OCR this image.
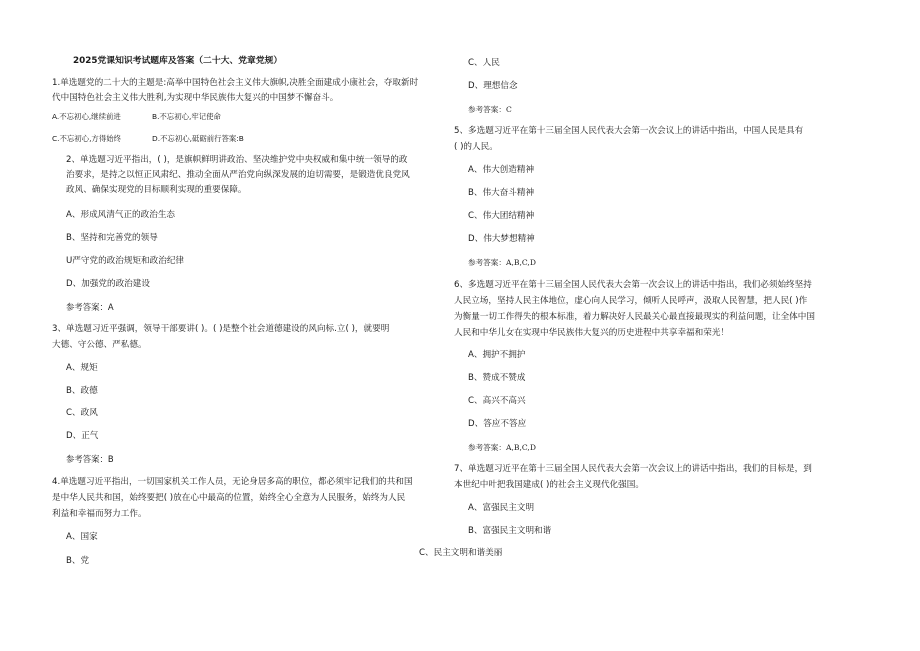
2025党课知识考试题库及答案（二十大、党章党规）
1.单选题党的二十大的主题是:高举中国特色社会主义伟大旗帜,决胜全面建成小康社会，夺取新时
代中国特色社会主义伟大胜利,为实现中华民族伟大复兴的中国梦不懈奋斗。
A.不忘初心,继续前进	B.不忘初心,牢记使命
C.不忘初心,方得始终	D.不忘初心,砥砺前行答案:B
2、单选题习近平指出，( )，是旗帜鲜明讲政治、坚决维护党中央权威和集中统一领导的政
治要求，是持之以恒正风肃纪、推动全面从严治党向纵深发展的迫切需要，是锻造优良党风
政风、确保实现党的目标顺利实现的重要保障。
A、形成风清气正的政治生态
B、坚持和完善党的领导
U严守党的政治规矩和政治纪律
D、加强党的政治建设
参考答案：A
3、单选题习近平强调，领导干部要讲( )。( )是整个社会道德建设的风向标.立( )，就要明
大德、守公德、严私德。
A、规矩
B、政德
C、政风
D、正气
参考答案：B
4.单选题习近平指出，一切国家机关工作人员，无论身居多高的职位，都必须牢记我们的共和国
是中华人民共和国，始终要把( )放在心中最高的位置，始终全心全意为人民服务，始终为人民
利益和幸福而努力工作。
A、国家
B、党
C、人民
D、理想信念
参考答案：C
5、多选题习近平在第十三届全国人民代表大会第一次会议上的讲话中指出，中国人民是具有
( )的人民。
A、伟大创造精神
B、伟大奋斗精神
C、伟大团结精神
D、伟大梦想精神
参考答案：A,B,C,D
6、多选题习近平在第十三届全国人民代表大会第一次会议上的讲话中指出，我们必须始终坚持
人民立场，坚持人民主体地位，虚心向人民学习，倾听人民呼声，汲取人民智慧，把人民( )作
为衡量一切工作得失的根本标准，着力解决好人民最关心最直接最现实的利益问题，让全体中国
人民和中华儿女在实现中华民族伟大复兴的历史进程中共享幸福和荣光！
A、拥护不拥护
B、赞成不赞成
C、高兴不高兴
D、答应不答应
参考答案：A,B,C,D
7、单选题习近平在第十三届全国人民代表大会第一次会议上的讲话中指出，我们的目标是，到
本世纪中叶把我国建成( )的社会主义现代化强国。
A、富强民主文明
B、富强民主文明和谐
C、民主文明和谐美丽
